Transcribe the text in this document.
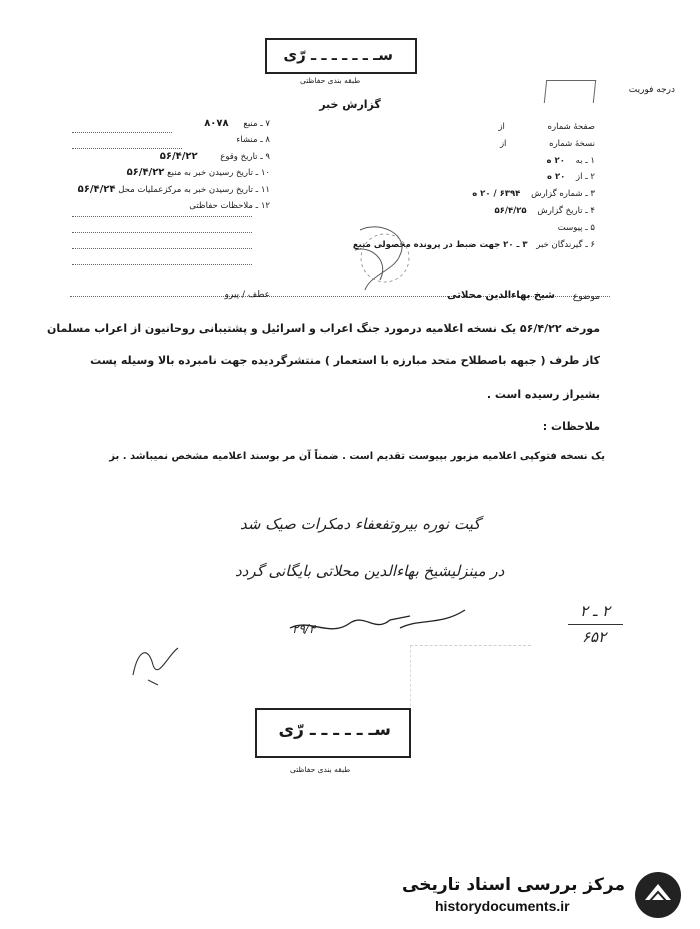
سـ ـ ـ ـ ـ ـ ـ رّی
طبقه بندی حفاظتی
درجه فوریت
گزارش خبر
۷ ـ منبع ۸۰۷۸
۸ ـ منشاء
۹ ـ تاریخ وقوع ۵۶/۴/۲۲
۱۰ ـ تاریخ رسیدن خبر به منبع ۵۶/۴/۲۲
۱۱ ـ تاریخ رسیدن خبر به مرکزعملیات محل ۵۶/۴/۲۴
۱۲ ـ ملاحظات حفاظتی
صفحهٔ شماره از
نسخهٔ شماره از
۱ ـ به ۲۰ ه
۲ ـ از ۲۰ ه
۳ ـ شماره گزارش ۶۳۹۴ / ۲۰ ه
۴ ـ تاریخ گزارش ۵۶/۴/۲۵
۵ ـ پیوست
۶ ـ گیرندگان خبر ۳ ـ ۲۰ جهت ضبط در پرونده محصولی منبع
موضوع
شیخ بهاءالدین محلاتی
عطف / پیرو
مورخه ۵۶/۴/۲۲ یک نسخه اعلامیه درمورد جنگ اعراب و اسرائیل و پشتیبانی روحانیون از اعراب مسلمان
کاز طرف ( جبهه باصطلاح متحد مبارزه با استعمار ) منتشرگردیده جهت نامبرده بالا وسیله پست
بشیراز رسیده است .
ملاحظات :
یک نسخه فتوکپی اعلامیه مزبور بپیوست تقدیم است . ضمناً آن مر بوسند اعلامیه مشخص نمیباشد . بز
گیت نوره بیروتفعفاء دمکرات صیک شد
در مینزلیشیخ بهاءالدین محلاتی بایگانی گردد
۲۹/۴
۲ ـ ۲
۶۵۲
سـ ـ ـ ـ ـ ـ رّی
طبقه بندی حفاظتی
مرکز بررسی اسناد تاریخی
historydocuments.ir
